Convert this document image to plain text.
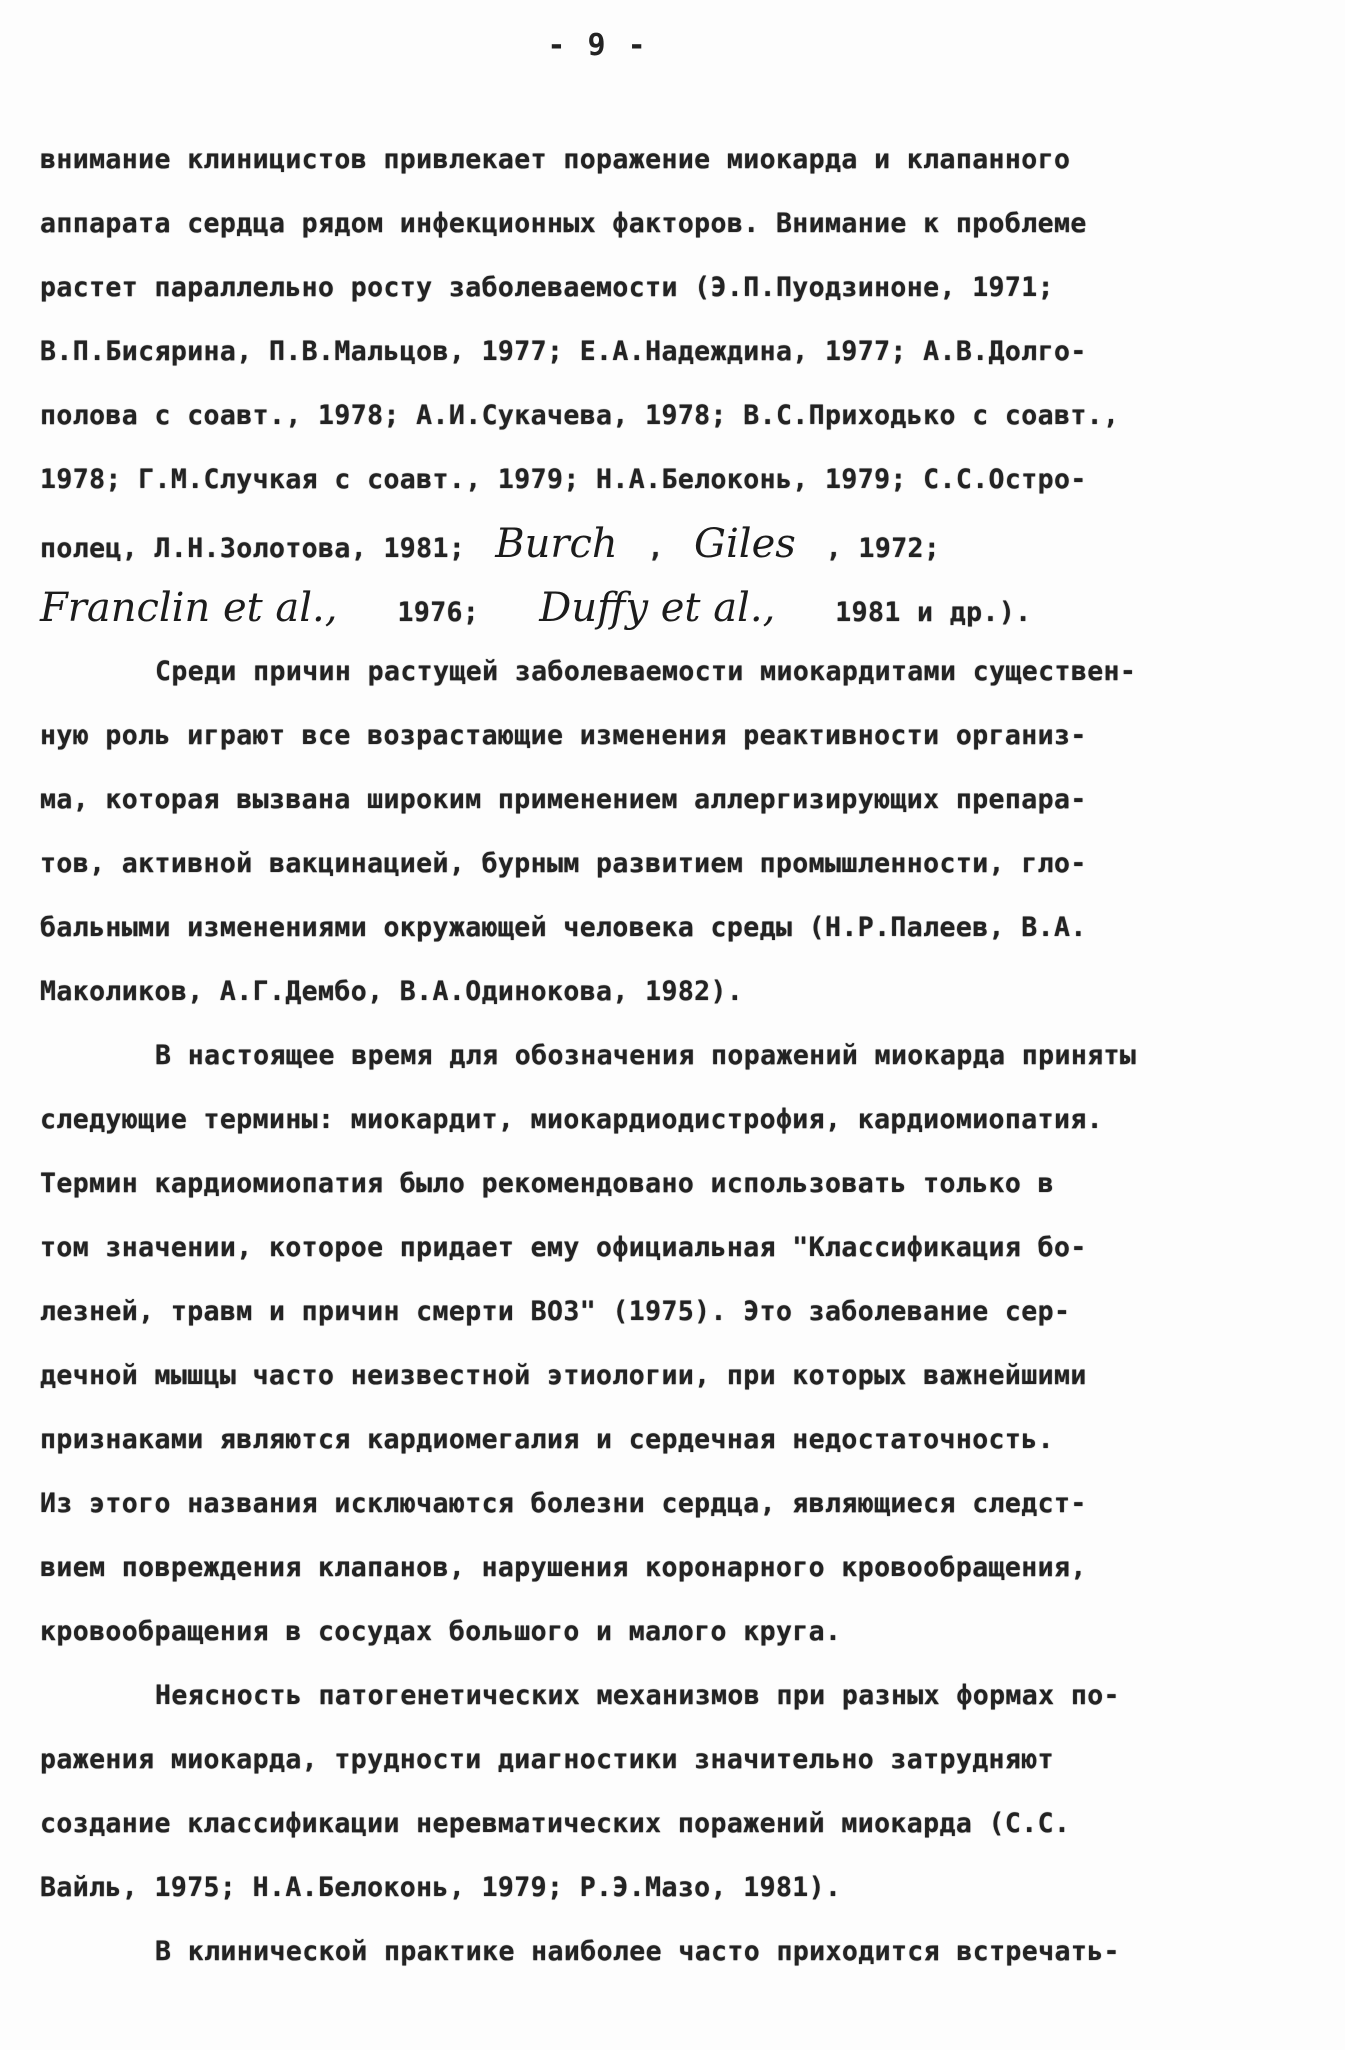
- 9 -
внимание клиницистов привлекает поражение миокарда и клапанного
аппарата сердца рядом инфекционных факторов. Внимание к проблеме
растет параллельно росту заболеваемости (Э.П.Пуодзиноне, 1971;
В.П.Бисярина, П.В.Мальцов, 1977; Е.А.Надеждина, 1977; А.В.Долго-
полова с соавт., 1978; А.И.Сукачева, 1978; В.С.Приходько с соавт.,
1978; Г.М.Случкая с соавт., 1979; Н.А.Белоконь, 1979; С.С.Остро-
полец, Л.Н.Золотова, 1981; Burch , Giles , 1972;
Franclin et al., 1976; Duffy et al., 1981 и др.).
Среди причин растущей заболеваемости миокардитами существен-
ную роль играют все возрастающие изменения реактивности организ-
ма, которая вызвана широким применением аллергизирующих препара-
тов, активной вакцинацией, бурным развитием промышленности, гло-
бальными изменениями окружающей человека среды (Н.Р.Палеев, В.А.
Маколиков, А.Г.Дембо, В.А.Одинокова, 1982).
В настоящее время для обозначения поражений миокарда приняты
следующие термины: миокардит, миокардиодистрофия, кардиомиопатия.
Термин кардиомиопатия было рекомендовано использовать только в
том значении, которое придает ему официальная "Классификация бо-
лезней, травм и причин смерти ВОЗ" (1975). Это заболевание сер-
дечной мышцы часто неизвестной этиологии, при которых важнейшими
признаками являются кардиомегалия и сердечная недостаточность.
Из этого названия исключаются болезни сердца, являющиеся следст-
вием повреждения клапанов, нарушения коронарного кровообращения,
кровообращения в сосудах большого и малого круга.
Неясность патогенетических механизмов при разных формах по-
ражения миокарда, трудности диагностики значительно затрудняют
создание классификации неревматических поражений миокарда (С.С.
Вайль, 1975; Н.А.Белоконь, 1979; Р.Э.Мазо, 1981).
В клинической практике наиболее часто приходится встречать-
